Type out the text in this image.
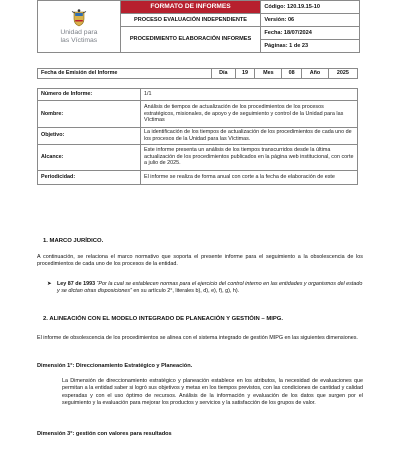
Unidad para
las Víctimas	FORMATO DE INFORMES	Código: 120.19.15-10
	PROCESO EVALUACIÓN INDEPENDIENTE	Versión: 06
	PROCEDIMIENTO ELABORACIÓN INFORMES	Fecha: 18/07/2024
		Páginas: 1 de 23
Fecha de Emisión del Informe	Día	19	Mes	08	Año	2025
Número de Informe:	1/1
Nombre:	Análisis de tiempos de actualización de los procedimientos de los procesos estratégicos, misionales, de apoyo y de seguimiento y control de la Unidad para las Víctimas
Objetivo:	La identificación de los tiempos de actualización de los procedimientos de cada uno de los procesos de la Unidad para las Víctimas.
Alcance:	Este informe presenta un análisis de los tiempos transcurridos desde la última actualización de los procedimientos publicados en la página web institucional, con corte a julio de 2025.
Periodicidad:	El informe se realiza de forma anual con corte a la fecha de elaboración de este
1. MARCO JURÍDICO.
A continuación, se relaciona el marco normativo que soporta el presente informe para el seguimiento a la obsolescencia de los procedimientos de cada uno de los procesos de la entidad.
➤ Ley 87 de 1993 “Por la cual se establecen normas para el ejercicio del control interno en las entidades y organismos del estado y se dictan otras disposiciones” en su artículo 2°, literales b), d), e), f), g), h).
2. ALINEACIÓN CON EL MODELO INTEGRADO DE PLANEACIÓN Y GESTIÓIN – MIPG.
El informe de obsolescencia de los procedimientos se alinea con el sistema integrado de gestión MIPG en las siguientes dimensiones.
Dimensión 1°: Direccionamiento Estratégico y Planeación.
La Dimensión de direccionamiento estratégico y planeación establece en los atributos, la necesidad de evaluaciones que permitan a la entidad saber si logró sus objetivos y metas en los tiempos previstos, con las condiciones de cantidad y calidad esperadas y con el uso óptimo de recursos. Análisis de la información y evaluación de los datos que surgen por el seguimiento y la evaluación para mejorar los productos y servicios y la satisfacción de los grupos de valor.
Dimensión 3°: gestión con valores para resultados
